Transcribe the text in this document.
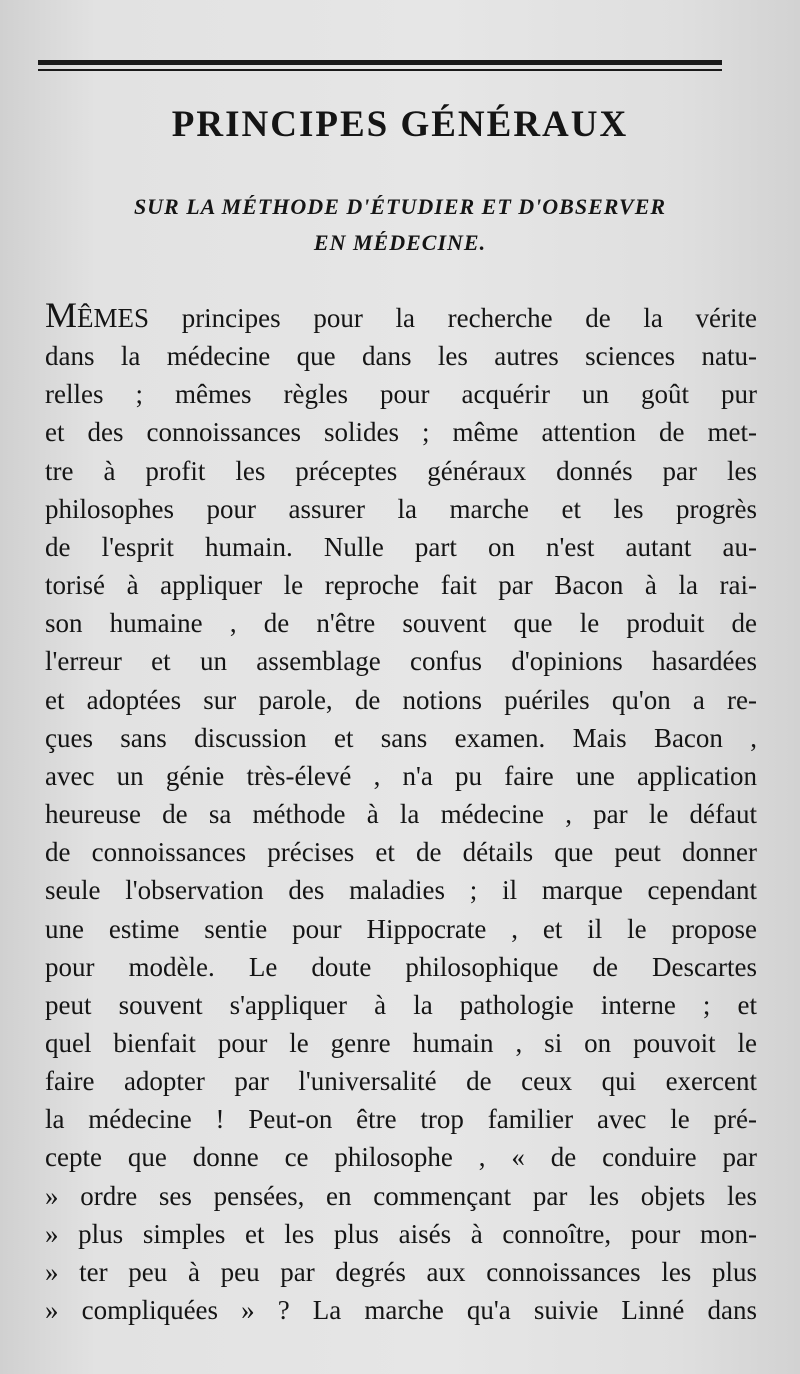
PRINCIPES GÉNÉRAUX
SUR LA MÉTHODE D'ÉTUDIER ET D'OBSERVER
EN MÉDECINE.
MÊMES principes pour la recherche de la vérite
dans la médecine que dans les autres sciences natu-
relles ; mêmes règles pour acquérir un goût pur
et des connoissances solides ; même attention de met-
tre à profit les préceptes généraux donnés par les
philosophes pour assurer la marche et les progrès
de l'esprit humain. Nulle part on n'est autant au-
torisé à appliquer le reproche fait par Bacon à la rai-
son humaine , de n'être souvent que le produit de
l'erreur et un assemblage confus d'opinions hasardées
et adoptées sur parole, de notions puériles qu'on a re-
çues sans discussion et sans examen. Mais Bacon ,
avec un génie très-élevé , n'a pu faire une application
heureuse de sa méthode à la médecine , par le défaut
de connoissances précises et de détails que peut donner
seule l'observation des maladies ; il marque cependant
une estime sentie pour Hippocrate , et il le propose
pour modèle. Le doute philosophique de Descartes
peut souvent s'appliquer à la pathologie interne ; et
quel bienfait pour le genre humain , si on pouvoit le
faire adopter par l'universalité de ceux qui exercent
la médecine ! Peut-on être trop familier avec le pré-
cepte que donne ce philosophe , « de conduire par
» ordre ses pensées, en commençant par les objets les
» plus simples et les plus aisés à connoître, pour mon-
» ter peu à peu par degrés aux connoissances les plus
» compliquées » ? La marche qu'a suivie Linné dans
